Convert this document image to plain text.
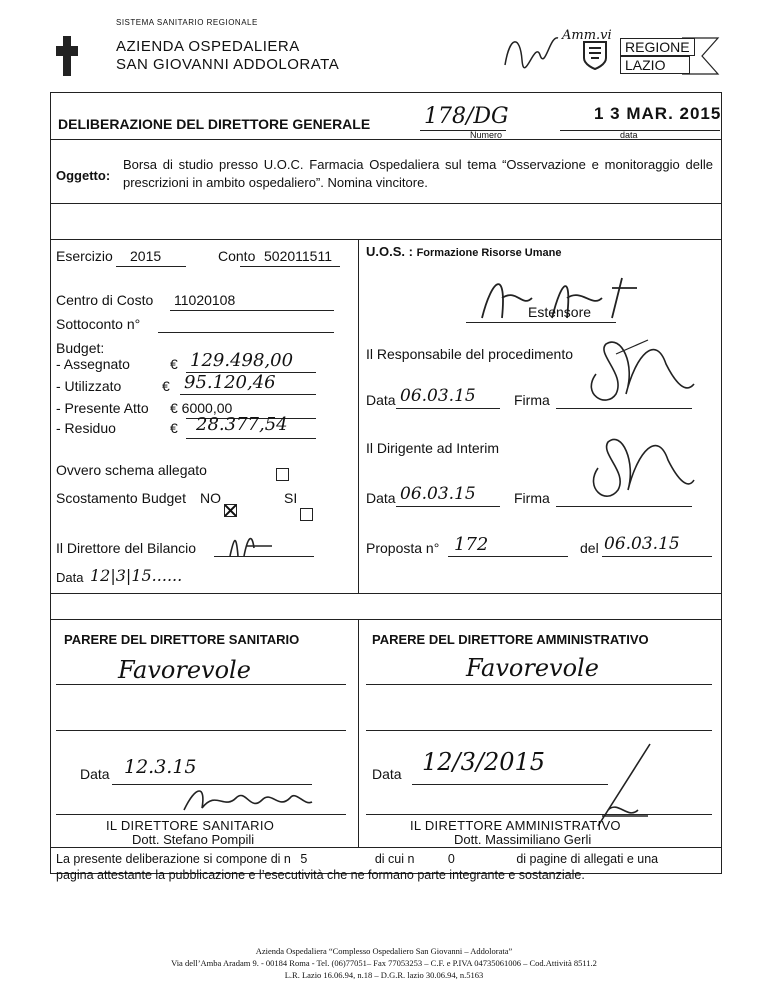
SISTEMA SANITARIO REGIONALE
AZIENDA OSPEDALIERA
SAN GIOVANNI ADDOLORATA
Amm.vi
REGIONE
LAZIO
DELIBERAZIONE DEL DIRETTORE GENERALE 178/DG
Numero
1 3 MAR. 2015
data
Oggetto:
Borsa di studio presso U.O.C. Farmacia Ospedaliera sul tema “Osservazione e monitoraggio delle prescrizioni in ambito ospedaliero”. Nomina vincitore.
Esercizio 2015	Conto 502011511
Centro di Costo 11020108
Sottoconto n°
Budget:
- Assegnato	€ 129.498,00
- Utilizzato	€ 95.120,46
- Presente Atto € 6000,00
- Residuo	€ 28.377,54
Ovvero schema allegato
Scostamento Budget NO	SI
Il Direttore del Bilancio
Data 12|3|15......
U.O.S. : Formazione Risorse Umane
Estensore
Il Responsabile del procedimento
Data 06.03.15	Firma
Il Dirigente ad Interim
Data 06.03.15	Firma
Proposta n° 172	del 06.03.15
PARERE DEL DIRETTORE SANITARIO	PARERE DEL DIRETTORE AMMINISTRATIVO
Favorevole	Favorevole
Data 12.3.15	Data 12/3/2015
IL DIRETTORE SANITARIO
Dott. Stefano Pompili
IL DIRETTORE AMMINISTRATIVO
Dott. Massimiliano Gerli
La presente deliberazione si compone di n 5	di cui n	0	di pagine di allegati e una
pagina attestante la pubblicazione e l’esecutività che ne formano parte integrante e sostanziale.
Azienda Ospedaliera “Complesso Ospedaliero San Giovanni – Addolorata”
Via dell’Amba Aradam 9. - 00184 Roma - Tel. (06)77051– Fax 77053253 – C.F. e P.IVA 04735061006 – Cod.Attività 8511.2
L.R. Lazio 16.06.94, n.18 – D.G.R. lazio 30.06.94, n.5163
